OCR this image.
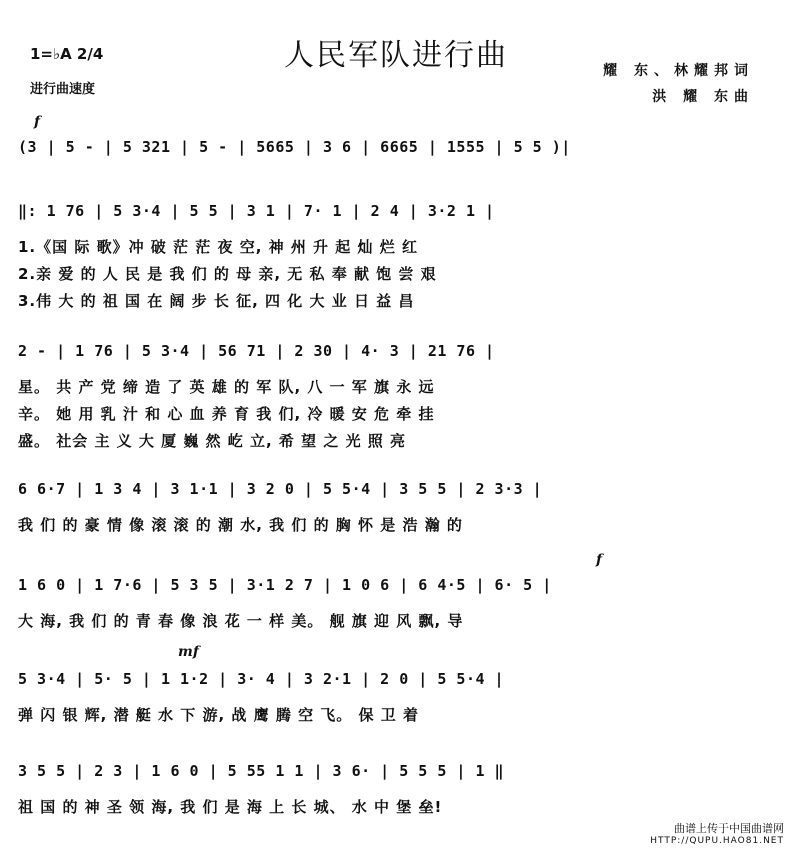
人民军队进行曲
1=♭A 2/4
进行曲速度
耀 东、林耀邦词
洪 耀 东曲
f
(3 | 5 - | 5 321 | 5 - | 5665 | 3 6 | 6665 | 1555 | 5 5 )|
‖: 1 76 | 5 3·4 | 5 5 | 3 1 | 7· 1 | 2 4 | 3·2 1 |
1.《国 际 歌》冲 破 茫 茫 夜 空, 神 州 升 起 灿 烂 红
2.亲 爱 的 人 民 是 我 们 的 母 亲, 无 私 奉 献 饱 尝 艰
3.伟 大 的 祖 国 在 阔 步 长 征, 四 化 大 业 日 益 昌
2 - | 1 76 | 5 3·4 | 56 71 | 2 30 | 4· 3 | 21 76 |
星。 共 产 党 缔 造 了 英 雄 的 军 队, 八 一 军 旗 永 远
辛。 她 用 乳 汁 和 心 血 养 育 我 们, 冷 暖 安 危 牵 挂
盛。 社会 主 义 大 厦 巍 然 屹 立, 希 望 之 光 照 亮
6 6·7 | 1 3 4 | 3 1·1 | 3 2 0 | 5 5·4 | 3 5 5 | 2 3·3 |
我 们 的 豪 情 像 滚 滚 的 潮 水, 我 们 的 胸 怀 是 浩 瀚 的
f
1 6 0 | 1 7·6 | 5 3 5 | 3·1 2 7 | 1 0 6 | 6 4·5 | 6· 5 |
大 海, 我 们 的 青 春 像 浪 花 一 样 美。 舰 旗 迎 风 飘, 导
mf
5 3·4 | 5· 5 | 1 1·2 | 3· 4 | 3 2·1 | 2 0 | 5 5·4 |
弹 闪 银 辉, 潜 艇 水 下 游, 战 鹰 腾 空 飞。 保 卫 着
3 5 5 | 2 3 | 1 6 0 | 5 55 1 1 | 3 6· | 5 5 5 | 1 ‖
祖 国 的 神 圣 领 海, 我 们 是 海 上 长 城、 水 中 堡 垒!
曲谱上传于中国曲谱网
HTTP://QUPU.HAO81.NET
